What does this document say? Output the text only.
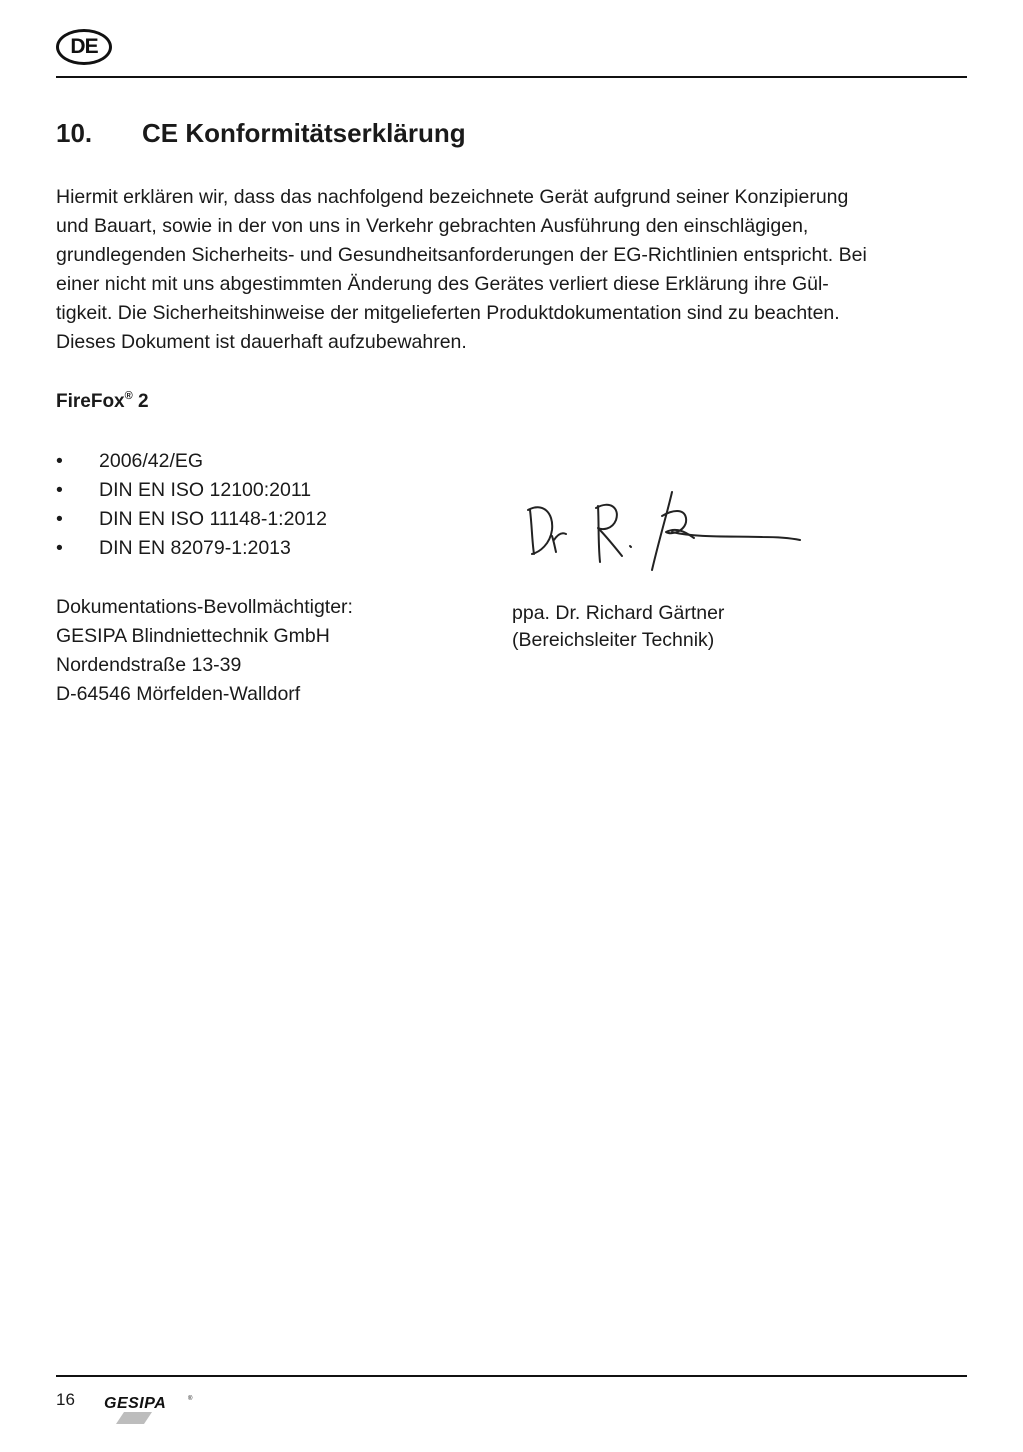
DE
10.	CE Konformitätserklärung

Hiermit erklären wir, dass das nachfolgend bezeichnete Gerät aufgrund seiner Konzipierung

und Bauart, sowie in der von uns in Verkehr gebrachten Ausführung den einschlägigen,

grundlegenden Sicherheits- und Gesundheitsanforderungen der EG-Richtlinien entspricht. Bei

einer nicht mit uns abgestimmten Änderung des Gerätes verliert diese Erklärung ihre Gül-

tigkeit. Die Sicherheitshinweise der mitgelieferten Produktdokumentation sind zu beachten.

Dieses Dokument ist dauerhaft aufzubewahren.

FireFox® 2
•	2006/42/EG
•	DIN EN ISO 12100:2011
•	DIN EN ISO 11148-1:2012
•	DIN EN 82079-1:2013
Dokumentations-Bevollmächtigter:
GESIPA Blindniettechnik GmbH
Nordendstraße 13-39
D-64546 Mörfelden-Walldorf
ppa. Dr. Richard Gärtner
(Bereichsleiter Technik)
16 GESIPA	®
